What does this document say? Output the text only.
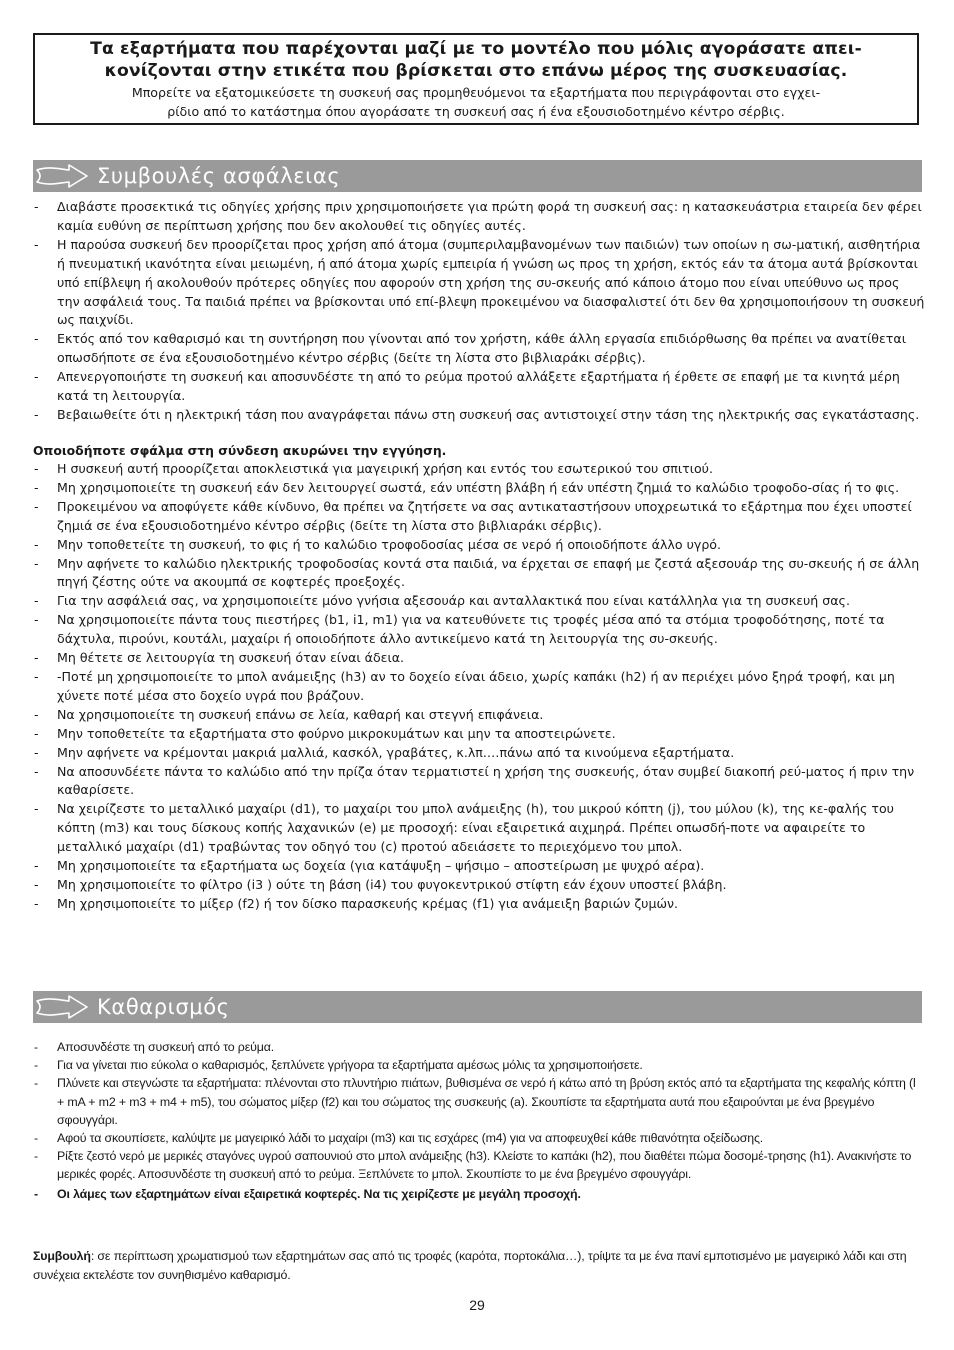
Τα εξαρτήματα που παρέχονται μαζί με το μοντέλο που μόλις αγοράσατε απει-

κονίζονται στην ετικέτα που βρίσκεται στο επάνω μέρος της συσκευασίας.

Μπορείτε να εξατομικεύσετε τη συσκευή σας προμηθευόμενοι τα εξαρτήματα που περιγράφονται στο εγχει-

ρίδιο από το κατάστημα όπου αγοράσατε τη συσκευή σας ή ένα εξουσιοδοτημένο κέντρο σέρβις.

Συμβουλές ασφάλειας
- Διαβάστε προσεκτικά τις οδηγίες χρήσης πριν χρησιμοποιήσετε για πρώτη φορά τη συσκευή σας: η κατασκευάστρια εταιρεία δεν φέρει καμία ευθύνη σε περίπτωση χρήσης που δεν ακολουθεί τις οδηγίες αυτές.
- Η παρούσα συσκευή δεν προορίζεται προς χρήση από άτομα (συμπεριλαμβανομένων των παιδιών) των οποίων η σω-ματική, αισθητήρια ή πνευματική ικανότητα είναι μειωμένη, ή από άτομα χωρίς εμπειρία ή γνώση ως προς τη χρήση, εκτός εάν τα άτομα αυτά βρίσκονται υπό επίβλεψη ή ακολουθούν πρότερες οδηγίες που αφορούν στη χρήση της συ-σκευής από κάποιο άτομο που είναι υπεύθυνο ως προς την ασφάλειά τους. Τα παιδιά πρέπει να βρίσκονται υπό επί-βλεψη προκειμένου να διασφαλιστεί ότι δεν θα χρησιμοποιήσουν τη συσκευή ως παιχνίδι.
- Εκτός από τον καθαρισμό και τη συντήρηση που γίνονται από τον χρήστη, κάθε άλλη εργασία επιδιόρθωσης θα πρέπει να ανατίθεται οπωσδήποτε σε ένα εξουσιοδοτημένο κέντρο σέρβις (δείτε τη λίστα στο βιβλιαράκι σέρβις).
- Απενεργοποιήστε τη συσκευή και αποσυνδέστε τη από το ρεύμα προτού αλλάξετε εξαρτήματα ή έρθετε σε επαφή με τα κινητά μέρη κατά τη λειτουργία.
- Βεβαιωθείτε ότι η ηλεκτρική τάση που αναγράφεται πάνω στη συσκευή σας αντιστοιχεί στην τάση της ηλεκτρικής σας εγκατάστασης.

Οποιοδήποτε σφάλμα στη σύνδεση ακυρώνει την εγγύηση.

- Η συσκευή αυτή προορίζεται αποκλειστικά για μαγειρική χρήση και εντός του εσωτερικού του σπιτιού.
- Μη χρησιμοποιείτε τη συσκευή εάν δεν λειτουργεί σωστά, εάν υπέστη βλάβη ή εάν υπέστη ζημιά το καλώδιο τροφοδο-σίας ή το φις.
- Προκειμένου να αποφύγετε κάθε κίνδυνο, θα πρέπει να ζητήσετε να σας αντικαταστήσουν υποχρεωτικά το εξάρτημα που έχει υποστεί ζημιά σε ένα εξουσιοδοτημένο κέντρο σέρβις (δείτε τη λίστα στο βιβλιαράκι σέρβις).
- Μην τοποθετείτε τη συσκευή, το φις ή το καλώδιο τροφοδοσίας μέσα σε νερό ή οποιοδήποτε άλλο υγρό.
- Μην αφήνετε το καλώδιο ηλεκτρικής τροφοδοσίας κοντά στα παιδιά, να έρχεται σε επαφή με ζεστά αξεσουάρ της συ-σκευής ή σε άλλη πηγή ζέστης ούτε να ακουμπά σε κοφτερές προεξοχές.
- Για την ασφάλειά σας, να χρησιμοποιείτε μόνο γνήσια αξεσουάρ και ανταλλακτικά που είναι κατάλληλα για τη συσκευή σας.
- Να χρησιμοποιείτε πάντα τους πιεστήρες (b1, i1, m1) για να κατευθύνετε τις τροφές μέσα από τα στόμια τροφοδότησης, ποτέ τα δάχτυλα, πιρούνι, κουτάλι, μαχαίρι ή οποιοδήποτε άλλο αντικείμενο κατά τη λειτουργία της συ-σκευής.
- Μη θέτετε σε λειτουργία τη συσκευή όταν είναι άδεια.
- -Ποτέ μη χρησιμοποιείτε το μπολ ανάμειξης (h3) αν το δοχείο είναι άδειο, χωρίς καπάκι (h2) ή αν περιέχει μόνο ξηρά τροφή, και μη χύνετε ποτέ μέσα στο δοχείο υγρά που βράζουν.
- Να χρησιμοποιείτε τη συσκευή επάνω σε λεία, καθαρή και στεγνή επιφάνεια.
- Μην τοποθετείτε τα εξαρτήματα στο φούρνο μικροκυμάτων και μην τα αποστειρώνετε.
- Μην αφήνετε να κρέμονται μακριά μαλλιά, κασκόλ, γραβάτες, κ.λπ.…πάνω από τα κινούμενα εξαρτήματα.
- Να αποσυνδέετε πάντα το καλώδιο από την πρίζα όταν τερματιστεί η χρήση της συσκευής, όταν συμβεί διακοπή ρεύ-ματος ή πριν την καθαρίσετε.
- Να χειρίζεστε το μεταλλικό μαχαίρι (d1), το μαχαίρι του μπολ ανάμειξης (h), του μικρού κόπτη (j), του μύλου (k), της κε-φαλής του κόπτη (m3) και τους δίσκους κοπής λαχανικών (e) με προσοχή: είναι εξαιρετικά αιχμηρά. Πρέπει οπωσδή-ποτε να αφαιρείτε το μεταλλικό μαχαίρι (d1) τραβώντας τον οδηγό του (c) προτού αδειάσετε το περιεχόμενο του μπολ.
- Μη χρησιμοποιείτε τα εξαρτήματα ως δοχεία (για κατάψυξη – ψήσιμο – αποστείρωση με ψυχρό αέρα).
- Μη χρησιμοποιείτε το φίλτρο (i3 ) ούτε τη βάση (i4) του φυγοκεντρικού στίφτη εάν έχουν υποστεί βλάβη.
- Μη χρησιμοποιείτε το μίξερ (f2) ή τον δίσκο παρασκευής κρέμας (f1) για ανάμειξη βαριών ζυμών.
Καθαρισμός
- Αποσυνδέστε τη συσκευή από το ρεύμα.
- Για να γίνεται πιο εύκολα ο καθαρισμός, ξεπλύνετε γρήγορα τα εξαρτήματα αμέσως μόλις τα χρησιμοποιήσετε.
- Πλύνετε και στεγνώστε τα εξαρτήματα: πλένονται στο πλυντήριο πιάτων, βυθισμένα σε νερό ή κάτω από τη βρύση εκτός από τα εξαρτήματα της κεφαλής κόπτη (l + mA + m2 + m3 + m4 + m5), του σώματος μίξερ (f2) και του σώματος της συσκευής (a). Σκουπίστε τα εξαρτήματα αυτά που εξαιρούνται με ένα βρεγμένο σφουγγάρι.
- Αφού τα σκουπίσετε, καλύψτε με μαγειρικό λάδι το μαχαίρι (m3) και τις εσχάρες (m4) για να αποφευχθεί κάθε πιθανότητα οξείδωσης.
- Ρίξτε ζεστό νερό με μερικές σταγόνες υγρού σαπουνιού στο μπολ ανάμειξης (h3). Κλείστε το καπάκι (h2), που διαθέτει πώμα δοσομέ-τρησης (h1). Ανακινήστε το μερικές φορές. Αποσυνδέστε τη συσκευή από το ρεύμα. Ξεπλύνετε το μπολ. Σκουπίστε το με ένα βρεγμένο σφουγγάρι.
- Οι λάμες των εξαρτημάτων είναι εξαιρετικά κοφτερές. Να τις χειρίζεστε με μεγάλη προσοχή.

Συμβουλή: σε περίπτωση χρωματισμού των εξαρτημάτων σας από τις τροφές (καρότα, πορτοκάλια…), τρίψτε τα με ένα πανί εμποτισμένο με μαγειρικό λάδι και στη συνέχεια εκτελέστε τον συνηθισμένο καθαρισμό.

29
